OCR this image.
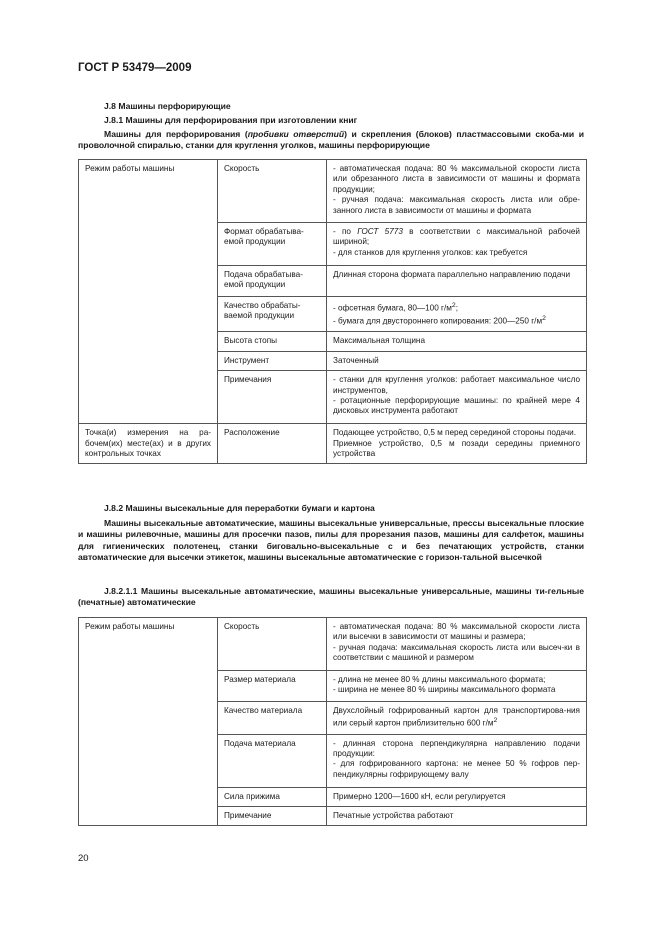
ГОСТ Р 53479—2009
J.8 Машины перфорирующие
J.8.1 Машины для перфорирования при изготовлении книг
Машины для перфорирования (пробивки отверстий) и скрепления (блоков) пластмассовыми скоба-ми и проволочной спиралью, станки для круглення уголков, машины перфорирующие
Режим работы машины	Скорость	- автоматическая подача: 80 % максимальной скорости листа или обрезанного листа в зависимости от машины и формата продукции;
- ручная подача: максимальная скорость листа или обре-занного листа в зависимости от машины и формата

	Формат обрабатыва-емой продукции	- по ГОСТ 5773 в соответствии с максимальной рабочей шириной;
- для станков для круглення уголков: как требуется

	Подача обрабатыва-емой продукции	Длинная сторона формата параллельно направлению подачи

	Качество обрабаты-ваемой продукции	- офсетная бумага, 80—100 $г/м^2$;
- бумага для двустороннего копирования: 200—250 $г/м^2$

	Высота стопы	Максимальная толщина

	Инструмент	Заточенный

	Примечания	- станки для круглення уголков: работает максимальное число инструментов,
- ротационные перфорирующие машины: по крайней мере 4 дисковых инструмента работают

Точка(и) измерения на ра-бочем(их) месте(ах) и в других контрольных точках	Расположение	Подающее устройство, 0,5 м перед серединой стороны подачи.
Приемное устройство, 0,5 м позади середины приемного устройства
J.8.2 Машины высекальные для переработки бумаги и картона
Машины высекальные автоматические, машины высекальные универсальные, прессы высекальные плоские и машины рилевочные, машины для просечки пазов, пилы для прорезания пазов, машины для салфеток, машины для гигиенических полотенец, станки биговально-высекальные с и без печатающих устройств, станки автоматические для высечки этикеток, машины высекальные автоматические с горизон-тальной высечкой
J.8.2.1.1 Машины высекальные автоматические, машины высекальные универсальные, машины ти-гельные (печатные) автоматические
Режим работы машины	Скорость	- автоматическая подача: 80 % максимальной скорости листа или высечки в зависимости от машины и размера;
- ручная подача: максимальная скорость листа или высеч-ки в соответствии с машиной и размером

	Размер материала	- длина не менее 80 % длины максимального формата;
- ширина не менее 80 % ширины максимального формата

	Качество материала	Двухслойный гофрированный картон для транспортирова-ния или серый картон приблизительно 600 $г/м^2$

	Подача материала	- длинная сторона перпендикулярна направлению подачи продукции:
- для гофрированного картона: не менее 50 % гофров пер-пендикулярны гофрирующему валу

	Сила прижима	Примерно 1200—1600 кН, если регулируется

	Примечание	Печатные устройства работают
20
